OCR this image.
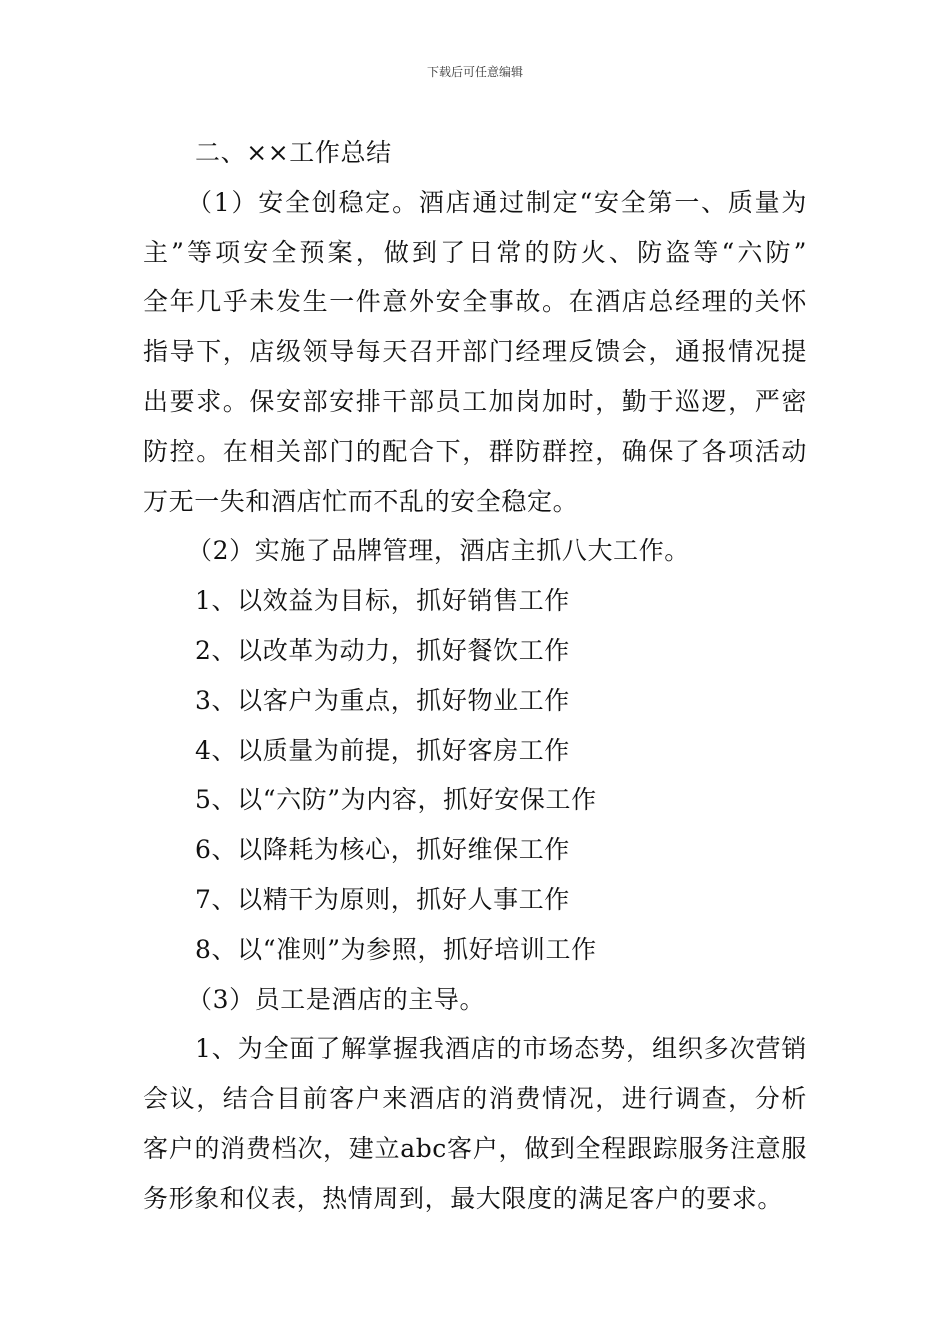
下载后可任意编辑
二、××工作总结
（1）安全创稳定。酒店通过制定“安全第一、质量为
主”等项安全预案，做到了日常的防火、防盗等“六防”
全年几乎未发生一件意外安全事故。在酒店总经理的关怀
指导下，店级领导每天召开部门经理反馈会，通报情况提
出要求。保安部安排干部员工加岗加时，勤于巡逻，严密
防控。在相关部门的配合下，群防群控，确保了各项活动
万无一失和酒店忙而不乱的安全稳定。
（2）实施了品牌管理，酒店主抓八大工作。
1、以效益为目标，抓好销售工作
2、以改革为动力，抓好餐饮工作
3、以客户为重点，抓好物业工作
4、以质量为前提，抓好客房工作
5、以“六防”为内容，抓好安保工作
6、以降耗为核心，抓好维保工作
7、以精干为原则，抓好人事工作
8、以“准则”为参照，抓好培训工作
（3）员工是酒店的主导。
1、为全面了解掌握我酒店的市场态势，组织多次营销
会议，结合目前客户来酒店的消费情况，进行调查，分析
客户的消费档次，建立abc客户，做到全程跟踪服务注意服
务形象和仪表，热情周到，最大限度的满足客户的要求。
